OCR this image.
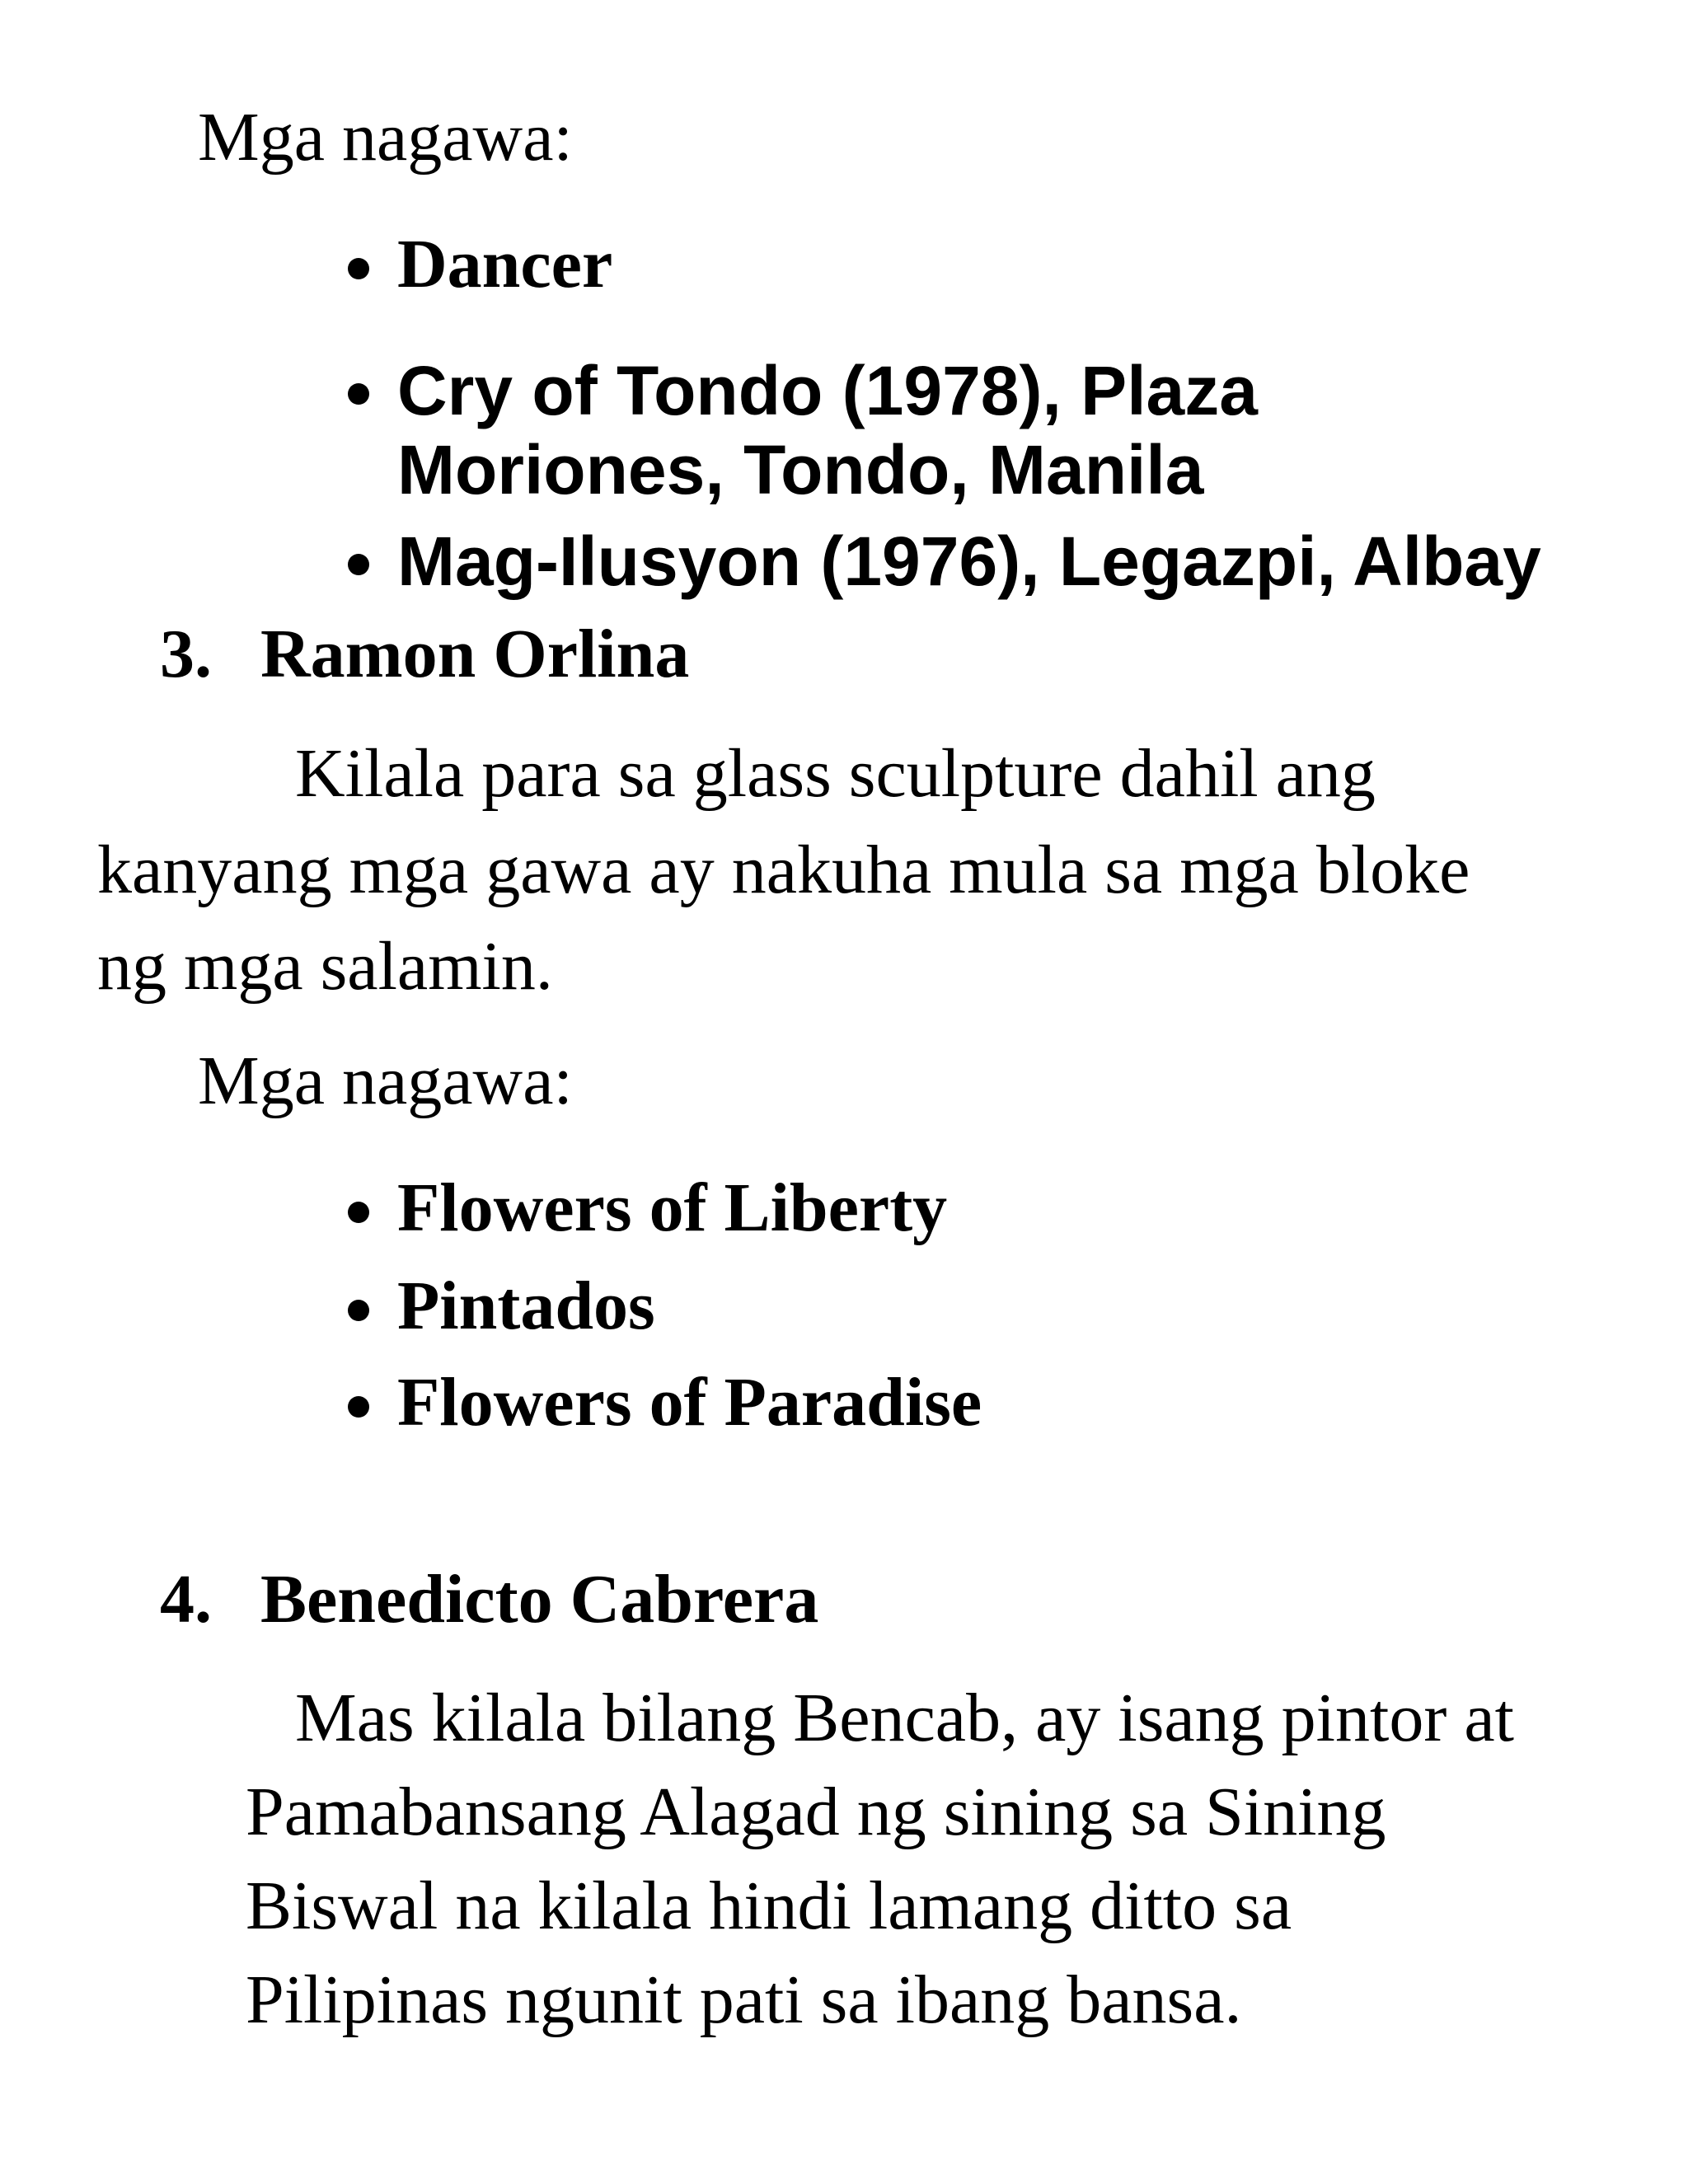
Mga nagawa:
Dancer
Cry of Tondo (1978), Plaza
Moriones, Tondo, Manila
Mag-Ilusyon (1976), Legazpi, Albay
3. Ramon Orlina
Kilala para sa glass sculpture dahil ang
kanyang mga gawa ay nakuha mula sa mga bloke
ng mga salamin.
Mga nagawa:
Flowers of Liberty
Pintados
Flowers of Paradise
4. Benedicto Cabrera
Mas kilala bilang Bencab, ay isang pintor at
Pamabansang Alagad ng sining sa Sining
Biswal na kilala hindi lamang ditto sa
Pilipinas ngunit pati sa ibang bansa.
